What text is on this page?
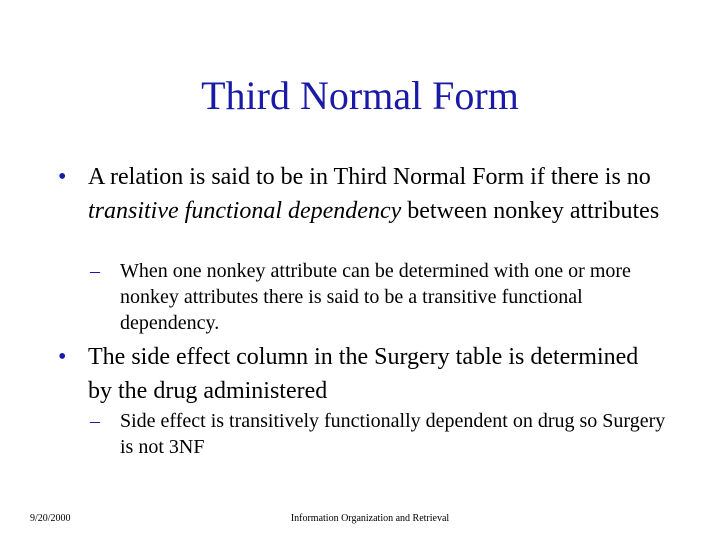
Third Normal Form
• A relation is said to be in Third Normal Form if there is no transitive functional dependency between nonkey attributes
– When one nonkey attribute can be determined with one or more nonkey attributes there is said to be a transitive functional dependency.
• The side effect column in the Surgery table is determined by the drug administered
– Side effect is transitively functionally dependent on drug so Surgery is not 3NF
9/20/2000	Information Organization and Retrieval
